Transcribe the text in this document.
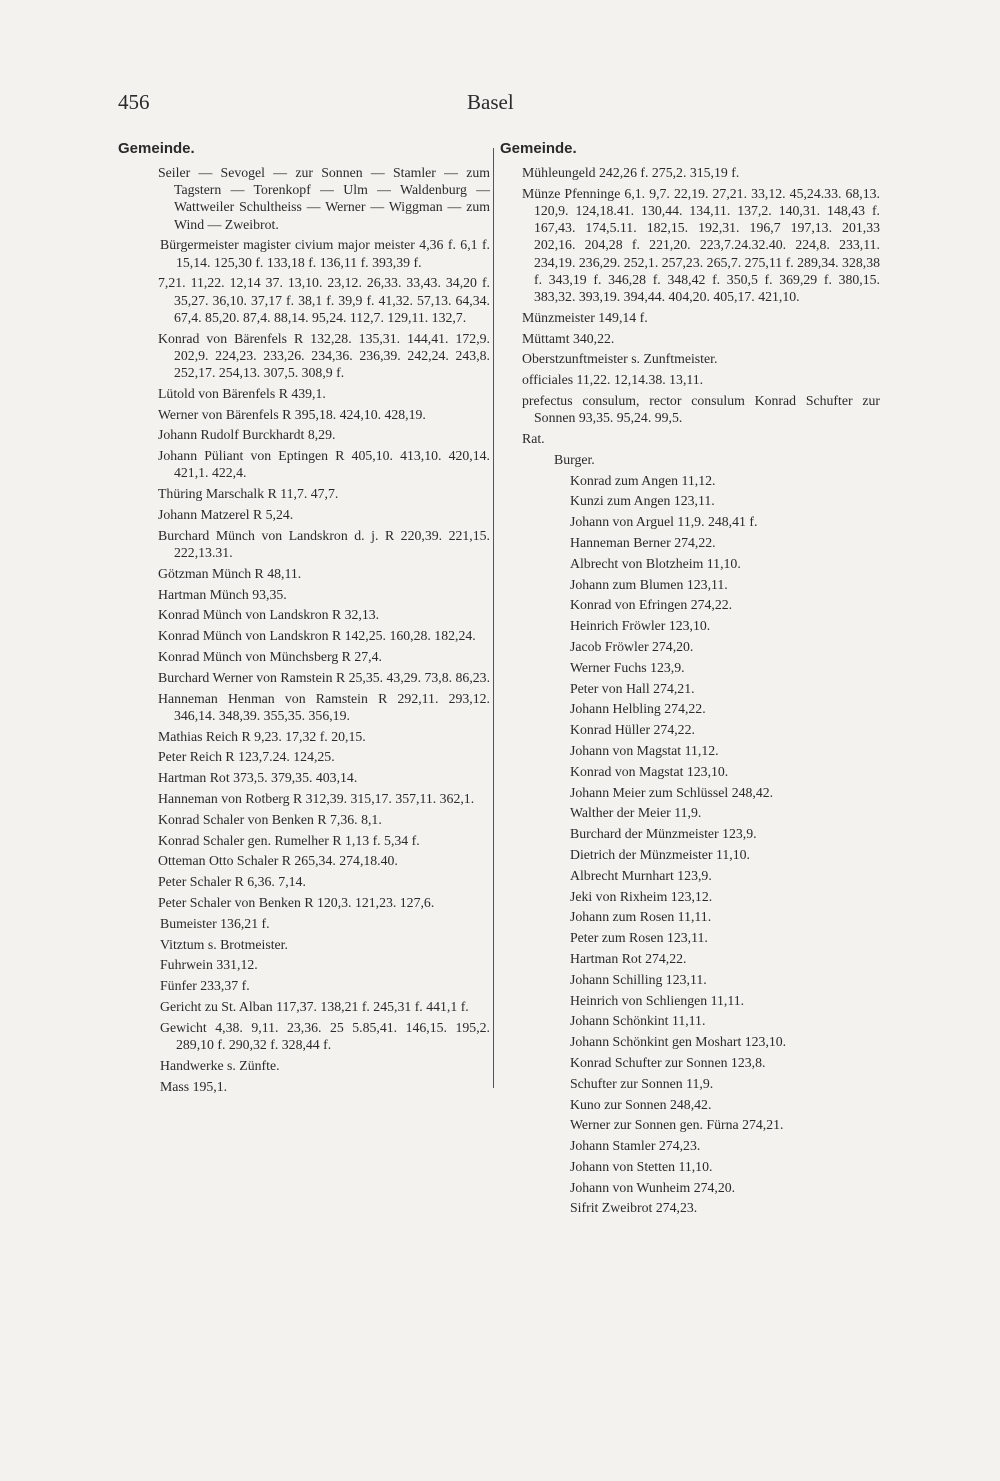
456	Basel
Gemeinde.
Seiler — Sevogel — zur Sonnen — Stamler — zum Tagstern — Torenkopf — Ulm — Waldenburg — Wattweiler Schultheiss — Werner — Wiggman — zum Wind — Zweibrot.
Bürgermeister magister civium major meister 4,36 f. 6,1 f. 15,14. 125,30 f. 133,18 f. 136,11 f. 393,39 f.
7,21. 11,22. 12,14 37. 13,10. 23,12. 26,33. 33,43. 34,20 f. 35,27. 36,10. 37,17 f. 38,1 f. 39,9 f. 41,32. 57,13. 64,34. 67,4. 85,20. 87,4. 88,14. 95,24. 112,7. 129,11. 132,7.
Konrad von Bärenfels R 132,28. 135,31. 144,41. 172,9. 202,9. 224,23. 233,26. 234,36. 236,39. 242,24. 243,8. 252,17. 254,13. 307,5. 308,9 f.
Lütold von Bärenfels R 439,1.
Werner von Bärenfels R 395,18. 424,10. 428,19.
Johann Rudolf Burckhardt 8,29.
Johann Püliant von Eptingen R 405,10. 413,10. 420,14. 421,1. 422,4.
Thüring Marschalk R 11,7. 47,7.
Johann Matzerel R 5,24.
Burchard Münch von Landskron d. j. R 220,39. 221,15. 222,13.31.
Götzman Münch R 48,11.
Hartman Münch 93,35.
Konrad Münch von Landskron R 32,13.
Konrad Münch von Landskron R 142,25. 160,28. 182,24.
Konrad Münch von Münchsberg R 27,4.
Burchard Werner von Ramstein R 25,35. 43,29. 73,8. 86,23.
Hanneman Henman von Ramstein R 292,11. 293,12. 346,14. 348,39. 355,35. 356,19.
Mathias Reich R 9,23. 17,32 f. 20,15.
Peter Reich R 123,7.24. 124,25.
Hartman Rot 373,5. 379,35. 403,14.
Hanneman von Rotberg R 312,39. 315,17. 357,11. 362,1.
Konrad Schaler von Benken R 7,36. 8,1.
Konrad Schaler gen. Rumelher R 1,13 f. 5,34 f.
Otteman Otto Schaler R 265,34. 274,18.40.
Peter Schaler R 6,36. 7,14.
Peter Schaler von Benken R 120,3. 121,23. 127,6.
Bumeister 136,21 f.
Vitztum s. Brotmeister.
Fuhrwein 331,12.
Fünfer 233,37 f.
Gericht zu St. Alban 117,37. 138,21 f. 245,31 f. 441,1 f.
Gewicht 4,38. 9,11. 23,36. 25 5.85,41. 146,15. 195,2. 289,10 f. 290,32 f. 328,44 f.
Handwerke s. Zünfte.
Mass 195,1.
Gemeinde.
Mühleungeld 242,26 f. 275,2. 315,19 f.
Münze Pfenninge 6,1. 9,7. 22,19. 27,21. 33,12. 45,24.33. 68,13. 120,9. 124,18.41. 130,44. 134,11. 137,2. 140,31. 148,43 f. 167,43. 174,5.11. 182,15. 192,31. 196,7 197,13. 201,33 202,16. 204,28 f. 221,20. 223,7.24.32.40. 224,8. 233,11. 234,19. 236,29. 252,1. 257,23. 265,7. 275,11 f. 289,34. 328,38 f. 343,19 f. 346,28 f. 348,42 f. 350,5 f. 369,29 f. 380,15. 383,32. 393,19. 394,44. 404,20. 405,17. 421,10.
Münzmeister 149,14 f.
Müttamt 340,22.
Oberstzunftmeister s. Zunftmeister.
officiales 11,22. 12,14.38. 13,11.
prefectus consulum, rector consulum Konrad Schufter zur Sonnen 93,35. 95,24. 99,5.
Rat.
Burger.
Konrad zum Angen 11,12.
Kunzi zum Angen 123,11.
Johann von Arguel 11,9. 248,41 f.
Hanneman Berner 274,22.
Albrecht von Blotzheim 11,10.
Johann zum Blumen 123,11.
Konrad von Efringen 274,22.
Heinrich Fröwler 123,10.
Jacob Fröwler 274,20.
Werner Fuchs 123,9.
Peter von Hall 274,21.
Johann Helbling 274,22.
Konrad Hüller 274,22.
Johann von Magstat 11,12.
Konrad von Magstat 123,10.
Johann Meier zum Schlüssel 248,42.
Walther der Meier 11,9.
Burchard der Münzmeister 123,9.
Dietrich der Münzmeister 11,10.
Albrecht Murnhart 123,9.
Jeki von Rixheim 123,12.
Johann zum Rosen 11,11.
Peter zum Rosen 123,11.
Hartman Rot 274,22.
Johann Schilling 123,11.
Heinrich von Schliengen 11,11.
Johann Schönkint 11,11.
Johann Schönkint gen Moshart 123,10.
Konrad Schufter zur Sonnen 123,8.
Schufter zur Sonnen 11,9.
Kuno zur Sonnen 248,42.
Werner zur Sonnen gen. Fürna 274,21.
Johann Stamler 274,23.
Johann von Stetten 11,10.
Johann von Wunheim 274,20.
Sifrit Zweibrot 274,23.
